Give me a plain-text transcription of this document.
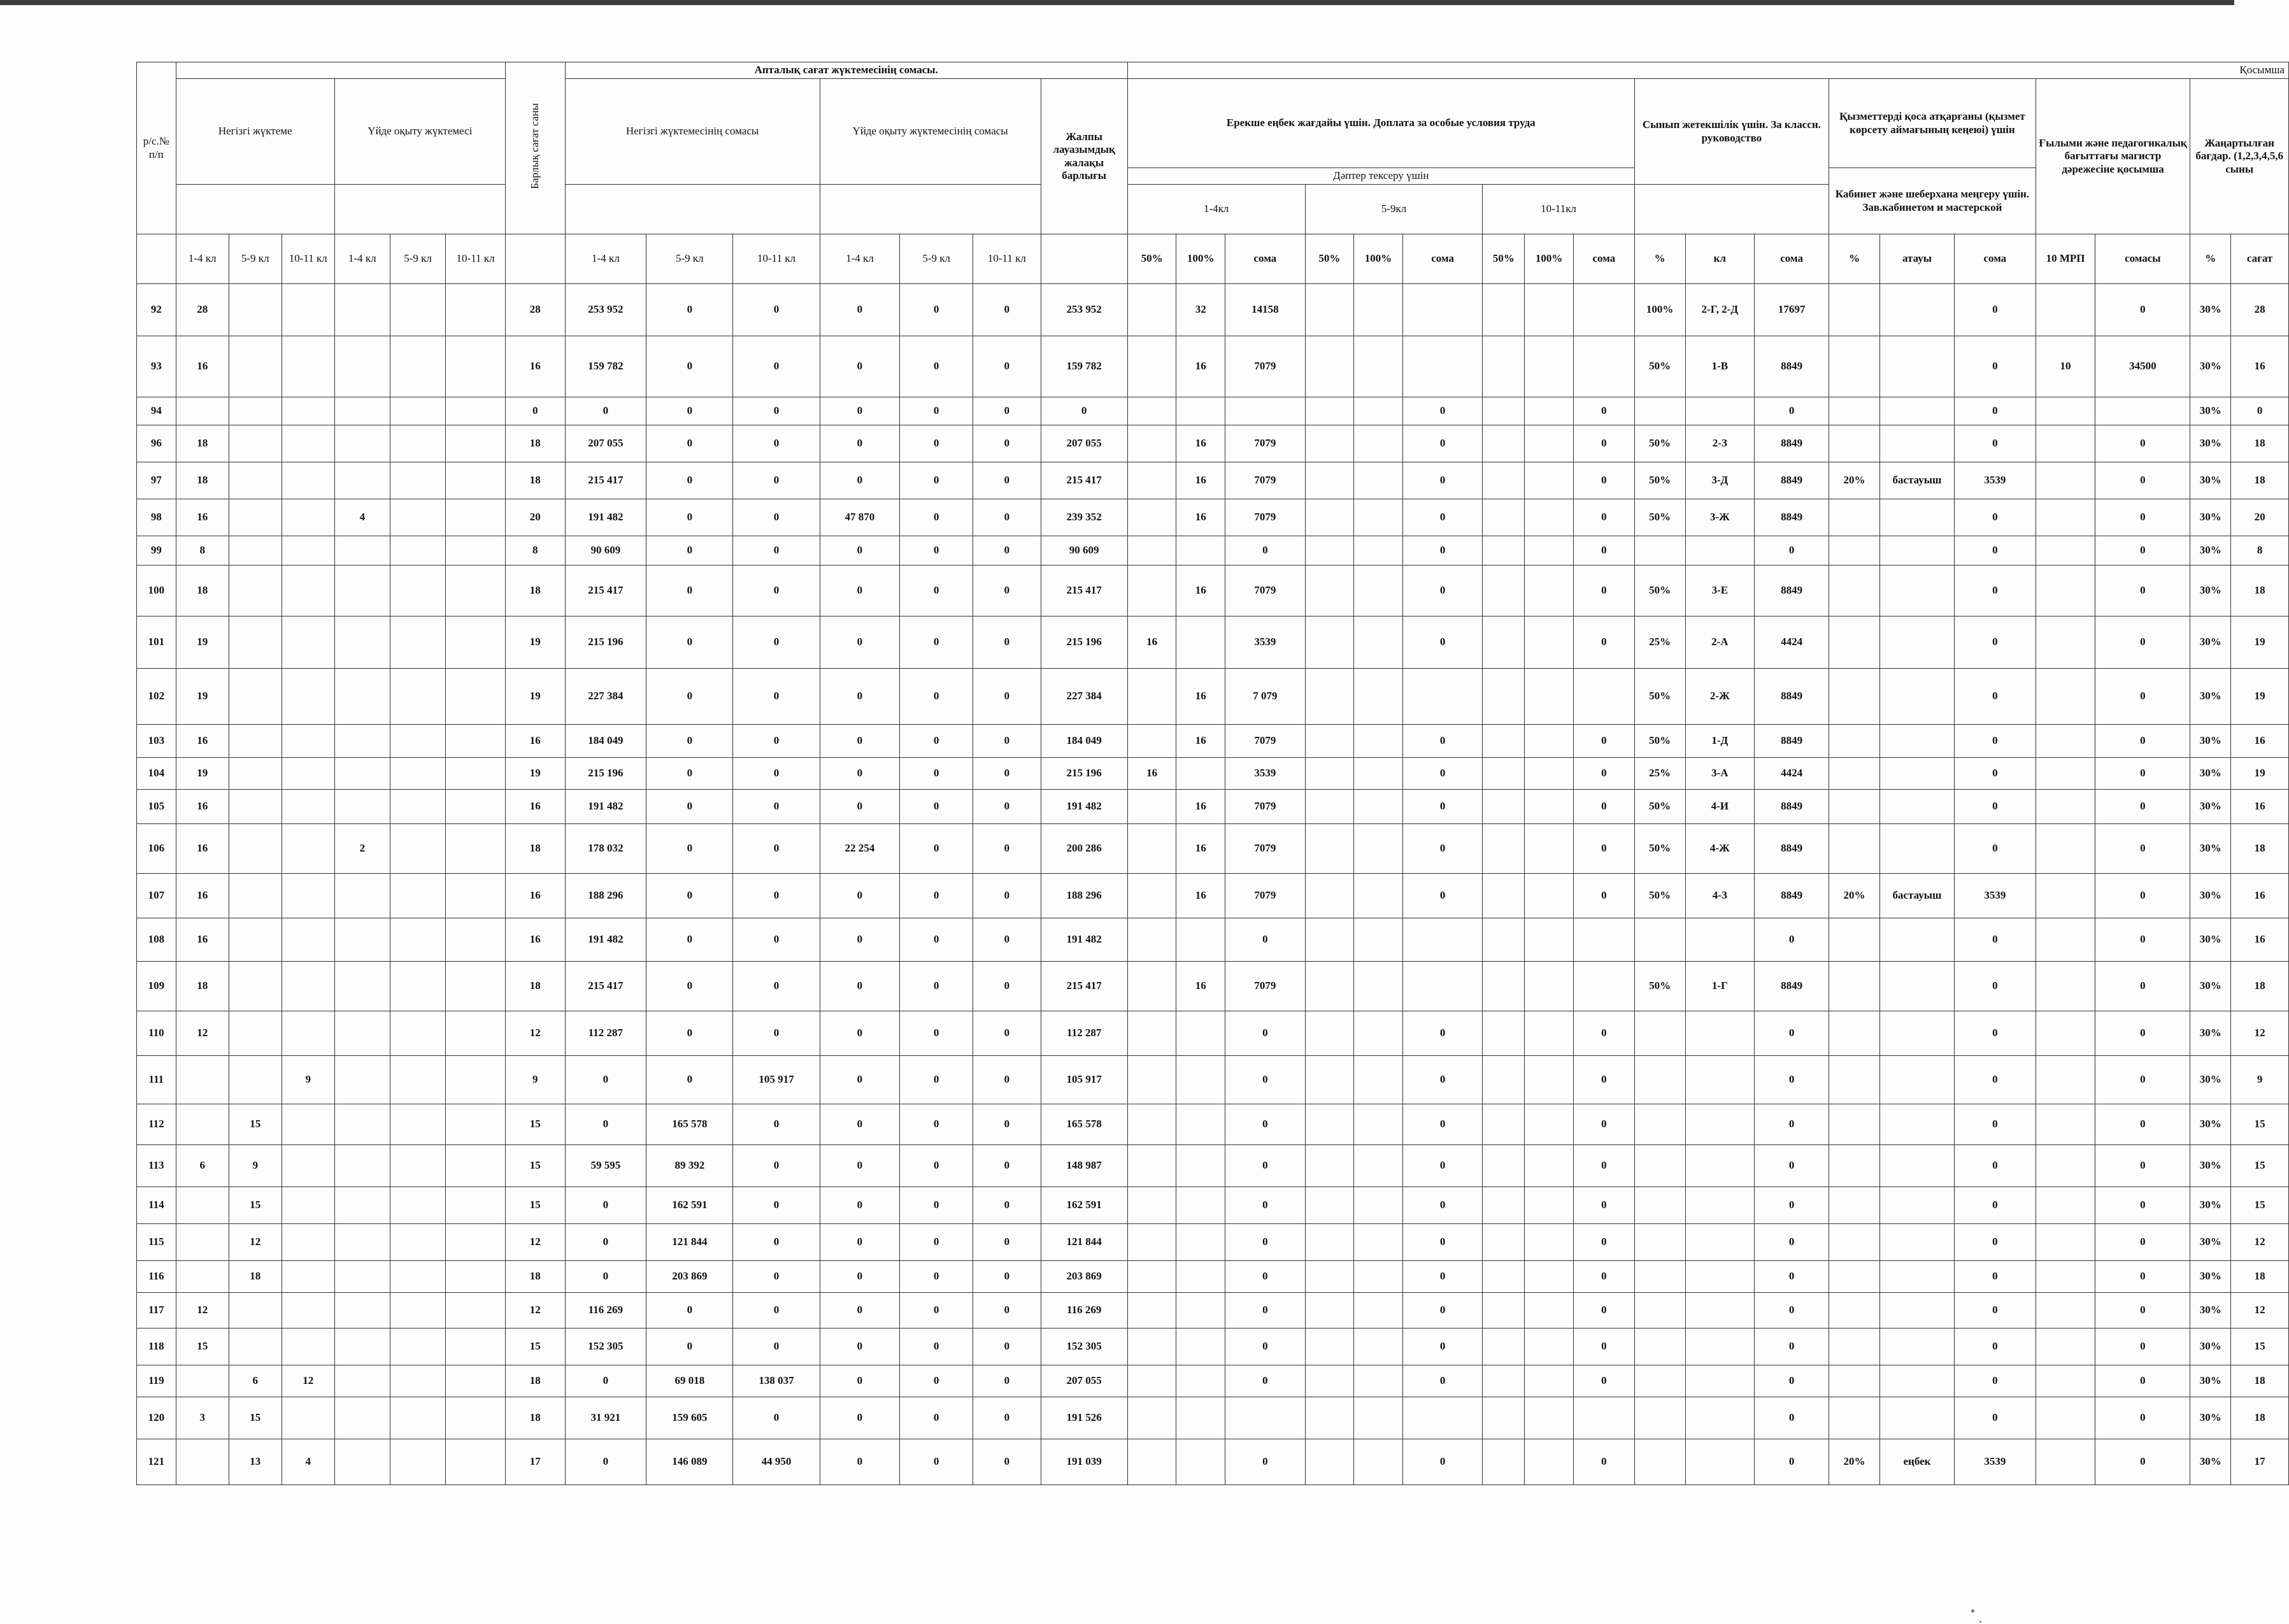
р/с.№ п/п							Барлық сағат саны	Апталық сағат жүктемесінің сомасы.							Қосымша																		
	Негізгі жүктеме			Үйде оқыту жүктемесі				Негізгі жүктемесінің сомасы			Үйде оқыту жүктемесінің сомасы			Жалпы лауазымдық жалақы барлығы	Ерекше еңбек жағдайы үшін. Доплата за особые условия труда									Сынып жетекшілік үшін. За классн. руководство			Қызметтерді қоса атқарғаны (қызмет көрсету аймағының кеңеюі) үшін			Ғылыми және педагогикалық бағыттағы магистр дәрежесіне қосымша		Жаңартылған бағдар. (1,2,3,4,5,6 сыны	
															Дәптер тексеру үшін												Кабинет және шеберхана меңгеру үшін. Зав.кабинетом и мастерской						
															1-4кл			5-9кл			10-11кл												
	1-4 кл	5-9 кл	10-11 кл	1-4 кл	5-9 кл	10-11 кл		1-4 кл	5-9 кл	10-11 кл	1-4 кл	5-9 кл	10-11 кл		50%	100%	сома	50%	100%	сома	50%	100%	сома	%	кл	сома	%	атауы	сома	10 МРП	сомасы	%	сағат
92	28						28	253 952	0	0	0	0	0	253 952		32	14158							100%	2-Г, 2-Д	17697			0		0	30%	28
93	16						16	159 782	0	0	0	0	0	159 782		16	7079							50%	1-В	8849			0	10	34500	30%	16
94							0	0	0	0	0	0	0	0						0			0			0			0			30%	0
96	18						18	207 055	0	0	0	0	0	207 055		16	7079			0			0	50%	2-З	8849			0		0	30%	18
97	18						18	215 417	0	0	0	0	0	215 417		16	7079			0			0	50%	3-Д	8849	20%	бастауыш	3539		0	30%	18
98	16			4			20	191 482	0	0	47 870	0	0	239 352		16	7079			0			0	50%	3-Ж	8849			0		0	30%	20
99	8						8	90 609	0	0	0	0	0	90 609			0			0			0			0			0		0	30%	8
100	18						18	215 417	0	0	0	0	0	215 417		16	7079			0			0	50%	3-Е	8849			0		0	30%	18
101	19						19	215 196	0	0	0	0	0	215 196	16		3539			0			0	25%	2-А	4424			0		0	30%	19
102	19						19	227 384	0	0	0	0	0	227 384		16	7 079							50%	2-Ж	8849			0		0	30%	19
103	16						16	184 049	0	0	0	0	0	184 049		16	7079			0			0	50%	1-Д	8849			0		0	30%	16
104	19						19	215 196	0	0	0	0	0	215 196	16		3539			0			0	25%	3-А	4424			0		0	30%	19
105	16						16	191 482	0	0	0	0	0	191 482		16	7079			0			0	50%	4-И	8849			0		0	30%	16
106	16			2			18	178 032	0	0	22 254	0	0	200 286		16	7079			0			0	50%	4-Ж	8849			0		0	30%	18
107	16						16	188 296	0	0	0	0	0	188 296		16	7079			0			0	50%	4-З	8849	20%	бастауыш	3539		0	30%	16
108	16						16	191 482	0	0	0	0	0	191 482			0									0			0		0	30%	16
109	18						18	215 417	0	0	0	0	0	215 417		16	7079							50%	1-Г	8849			0		0	30%	18
110	12						12	112 287	0	0	0	0	0	112 287			0			0			0			0			0		0	30%	12
111			9				9	0	0	105 917	0	0	0	105 917			0			0			0			0			0		0	30%	9
112		15					15	0	165 578	0	0	0	0	165 578			0			0			0			0			0		0	30%	15
113	6	9					15	59 595	89 392	0	0	0	0	148 987			0			0			0			0			0		0	30%	15
114		15					15	0	162 591	0	0	0	0	162 591			0			0			0			0			0		0	30%	15
115		12					12	0	121 844	0	0	0	0	121 844			0			0			0			0			0		0	30%	12
116		18					18	0	203 869	0	0	0	0	203 869			0			0			0			0			0		0	30%	18
117	12						12	116 269	0	0	0	0	0	116 269			0			0			0			0			0		0	30%	12
118	15						15	152 305	0	0	0	0	0	152 305			0			0			0			0			0		0	30%	15
119		6	12				18	0	69 018	138 037	0	0	0	207 055			0			0			0			0			0		0	30%	18
120	3	15					18	31 921	159 605	0	0	0	0	191 526												0			0		0	30%	18
121		13	4				17	0	146 089	44 950	0	0	0	191 039			0			0			0			0	20%	еңбек	3539		0	30%	17
